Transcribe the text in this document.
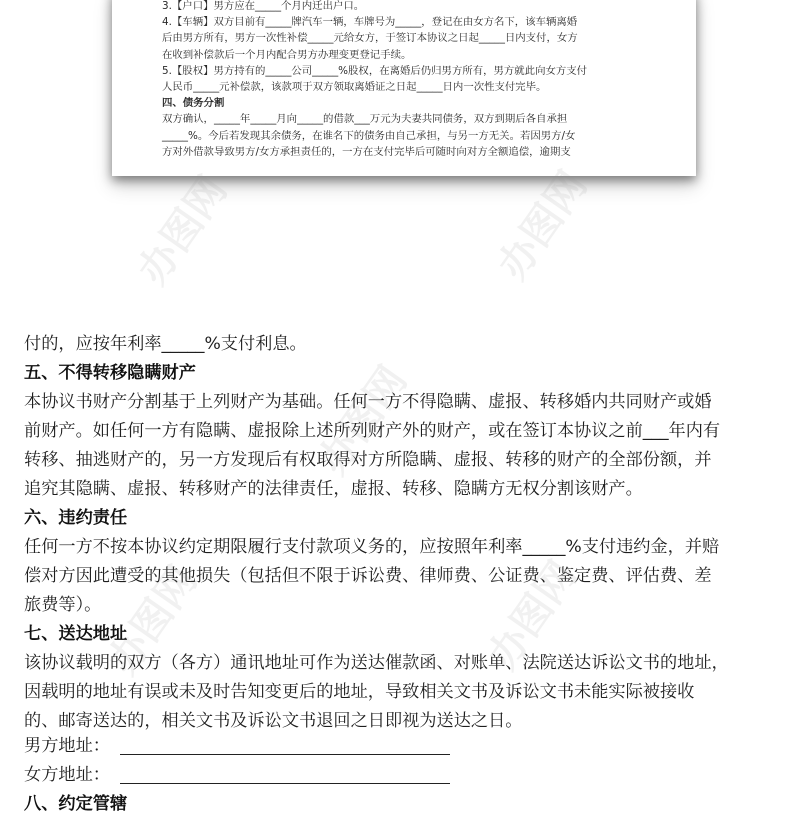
3.【户口】男方应在_____个月内迁出户口。
4.【车辆】双方目前有_____牌汽车一辆，车牌号为_____，登记在由女方名下，该车辆离婚
后由男方所有，男方一次性补偿_____元给女方，于签订本协议之日起_____日内支付，女方
在收到补偿款后一个月内配合男方办理变更登记手续。
5.【股权】男方持有的_____公司_____%股权，在离婚后仍归男方所有，男方就此向女方支付
人民币_____元补偿款，该款项于双方领取离婚证之日起_____日内一次性支付完毕。
四、债务分割
双方确认，_____年_____月向_____的借款___万元为夫妻共同债务，双方到期后各自承担
_____%。今后若发现其余债务，在谁名下的债务由自己承担，与另一方无关。若因男方/女
方对外借款导致男方/女方承担责任的，一方在支付完毕后可随时向对方全额追偿，逾期支
付的，应按年利率_____%支付利息。
五、不得转移隐瞒财产
本协议书财产分割基于上列财产为基础。任何一方不得隐瞒、虚报、转移婚内共同财产或婚
前财产。如任何一方有隐瞒、虚报除上述所列财产外的财产，或在签订本协议之前___年内有
转移、抽逃财产的，另一方发现后有权取得对方所隐瞒、虚报、转移的财产的全部份额，并
追究其隐瞒、虚报、转移财产的法律责任，虚报、转移、隐瞒方无权分割该财产。
六、违约责任
任何一方不按本协议约定期限履行支付款项义务的，应按照年利率_____%支付违约金，并赔
偿对方因此遭受的其他损失（包括但不限于诉讼费、律师费、公证费、鉴定费、评估费、差
旅费等）。
七、送达地址
该协议载明的双方（各方）通讯地址可作为送达催款函、对账单、法院送达诉讼文书的地址，
因载明的地址有误或未及时告知变更后的地址，导致相关文书及诉讼文书未能实际被接收
的、邮寄送达的，相关文书及诉讼文书退回之日即视为送达之日。
男方地址：
女方地址：
八、约定管辖
办图网	办图网
办图网
办图网	办图网
